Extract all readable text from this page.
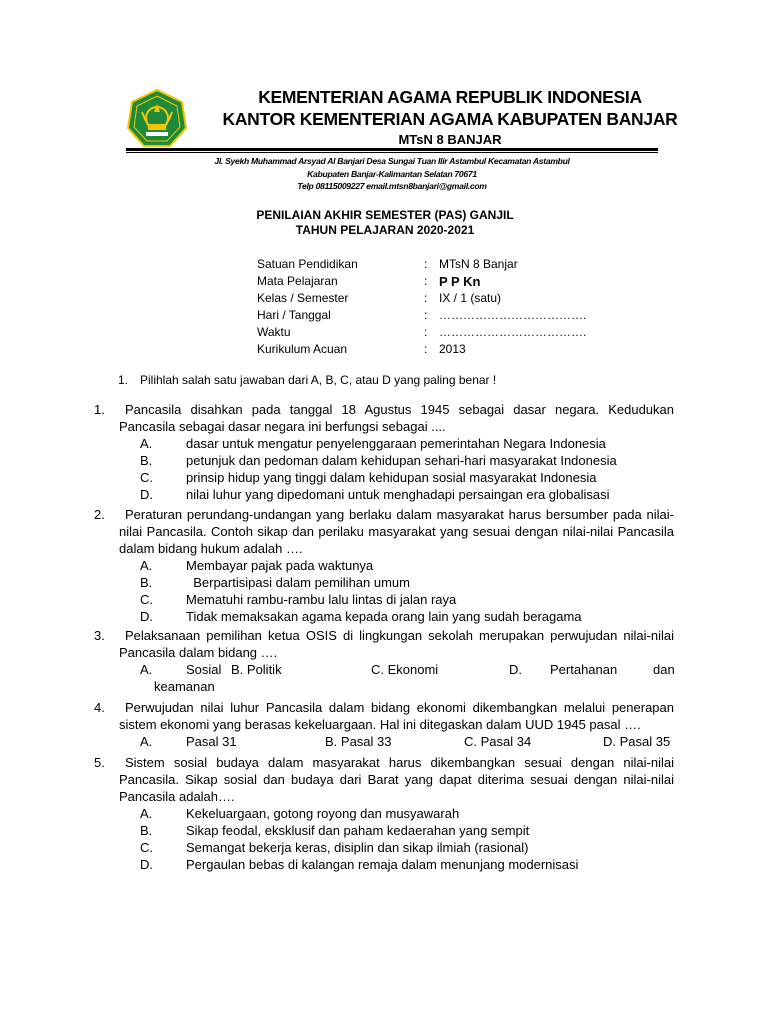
KEMENTERIAN AGAMA REPUBLIK INDONESIA
KANTOR KEMENTERIAN AGAMA KABUPATEN BANJAR
MTsN 8 BANJAR
Jl. Syekh Muhammad Arsyad Al Banjari Desa Sungai Tuan Ilir Astambul Kecamatan Astambul
Kabupaten Banjar-Kalimantan Selatan 70671
Telp 08115009227 email.mtsn8banjari@gmail.com
PENILAIAN AKHIR SEMESTER (PAS) GANJIL
TAHUN PELAJARAN 2020-2021
Satuan Pendidikan	: MTsN 8 Banjar
Mata Pelajaran	: P P Kn
Kelas / Semester	: IX / 1 (satu)
Hari / Tanggal	: ……………………………….
Waktu	: ……………………………….
Kurikulum Acuan	: 2013
1. Pilihlah salah satu jawaban dari A, B, C, atau D yang paling benar !
1.	Pancasila disahkan pada tanggal 18 Agustus 1945 sebagai dasar negara. Kedudukan Pancasila sebagai dasar negara ini berfungsi sebagai ....
A.	dasar untuk mengatur penyelenggaraan pemerintahan Negara Indonesia
B.	petunjuk dan pedoman dalam kehidupan sehari-hari masyarakat Indonesia
C.	prinsip hidup yang tinggi dalam kehidupan sosial masyarakat Indonesia
D.	nilai luhur yang dipedomani untuk menghadapi persaingan era globalisasi
2.	Peraturan perundang-undangan yang berlaku dalam masyarakat harus bersumber pada nilai-nilai Pancasila. Contoh sikap dan perilaku masyarakat yang sesuai dengan nilai-nilai Pancasila dalam bidang hukum adalah ….
A.	Membayar pajak pada waktunya
B.	Berpartisipasi dalam pemilihan umum
C.	Mematuhi rambu-rambu lalu lintas di jalan raya
D.	Tidak memaksakan agama kepada orang lain yang sudah beragama
3.	Pelaksanaan pemilihan ketua OSIS di lingkungan sekolah merupakan perwujudan nilai-nilai Pancasila dalam bidang ….
A.	Sosial B. Politik	C. Ekonomi	D. Pertahanan	dan
keamanan
4.	Perwujudan nilai luhur Pancasila dalam bidang ekonomi dikembangkan melalui penerapan sistem ekonomi yang berasas kekeluargaan. Hal ini ditegaskan dalam UUD 1945 pasal ….
A.	Pasal 31	B. Pasal 33	C. Pasal 34	D. Pasal 35
5.	Sistem sosial budaya dalam masyarakat harus dikembangkan sesuai dengan nilai-nilai Pancasila. Sikap sosial dan budaya dari Barat yang dapat diterima sesuai dengan nilai-nilai Pancasila adalah….
A.	Kekeluargaan, gotong royong dan musyawarah
B.	Sikap feodal, eksklusif dan paham kedaerahan yang sempit
C.	Semangat bekerja keras, disiplin dan sikap ilmiah (rasional)
D.	Pergaulan bebas di kalangan remaja dalam menunjang modernisasi
